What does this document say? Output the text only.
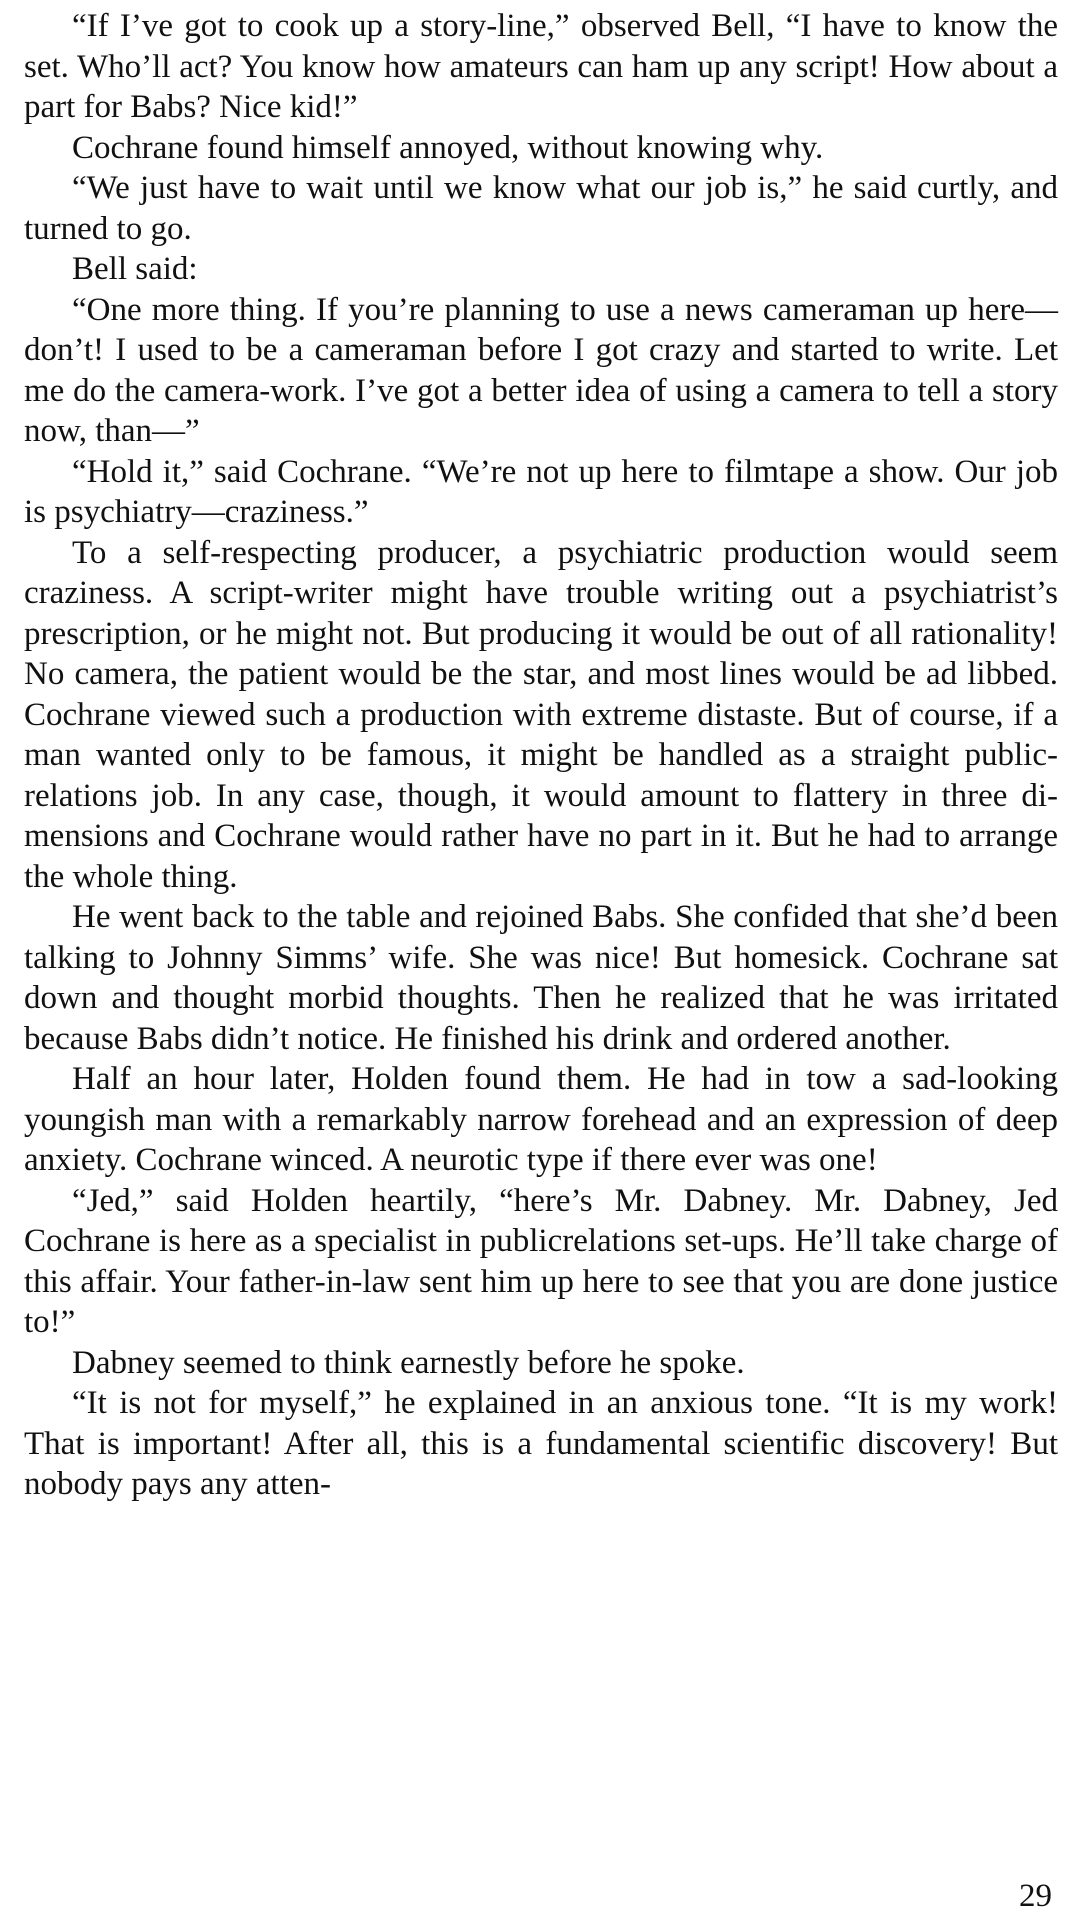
“If I’ve got to cook up a story-line,” observed Bell, “I have to know the set. Who’ll act? You know how amateurs can ham up any script! How about a part for Babs? Nice kid!”

Cochrane found himself annoyed, without knowing why.

“We just have to wait until we know what our job is,” he said curtly, and turned to go.

Bell said:

“One more thing. If you’re planning to use a news cameraman up here—don’t! I used to be a cameraman before I got crazy and started to write. Let me do the camera-work. I’ve got a better idea of using a camera to tell a story now, than—”

“Hold it,” said Cochrane. “We’re not up here to filmtape a show. Our job is psychiatry—craziness.”

To a self-respecting producer, a psychiatric production would seem craziness. A script-writer might have trouble writing out a psychiatrist’s prescription, or he might not. But producing it would be out of all rationality! No camera, the patient would be the star, and most lines would be ad libbed. Cochrane viewed such a production with extreme distaste. But of course, if a man wanted only to be famous, it might be handled as a straight public-relations job. In any case, though, it would amount to flattery in three dimensions and Cochrane would rather have no part in it. But he had to arrange the whole thing.

He went back to the table and rejoined Babs. She confided that she’d been talking to Johnny Simms’ wife. She was nice! But homesick. Cochrane sat down and thought morbid thoughts. Then he realized that he was irritated because Babs didn’t notice. He finished his drink and ordered another.

Half an hour later, Holden found them. He had in tow a sad-looking youngish man with a remarkably narrow forehead and an expression of deep anxiety. Cochrane winced. A neurotic type if there ever was one!

“Jed,” said Holden heartily, “here’s Mr. Dabney. Mr. Dabney, Jed Cochrane is here as a specialist in publicrelations set-ups. He’ll take charge of this affair. Your father-in-law sent him up here to see that you are done justice to!”

Dabney seemed to think earnestly before he spoke.

“It is not for myself,” he explained in an anxious tone. “It is my work! That is important! After all, this is a fundamental scientific discovery! But nobody pays any atten-

29
